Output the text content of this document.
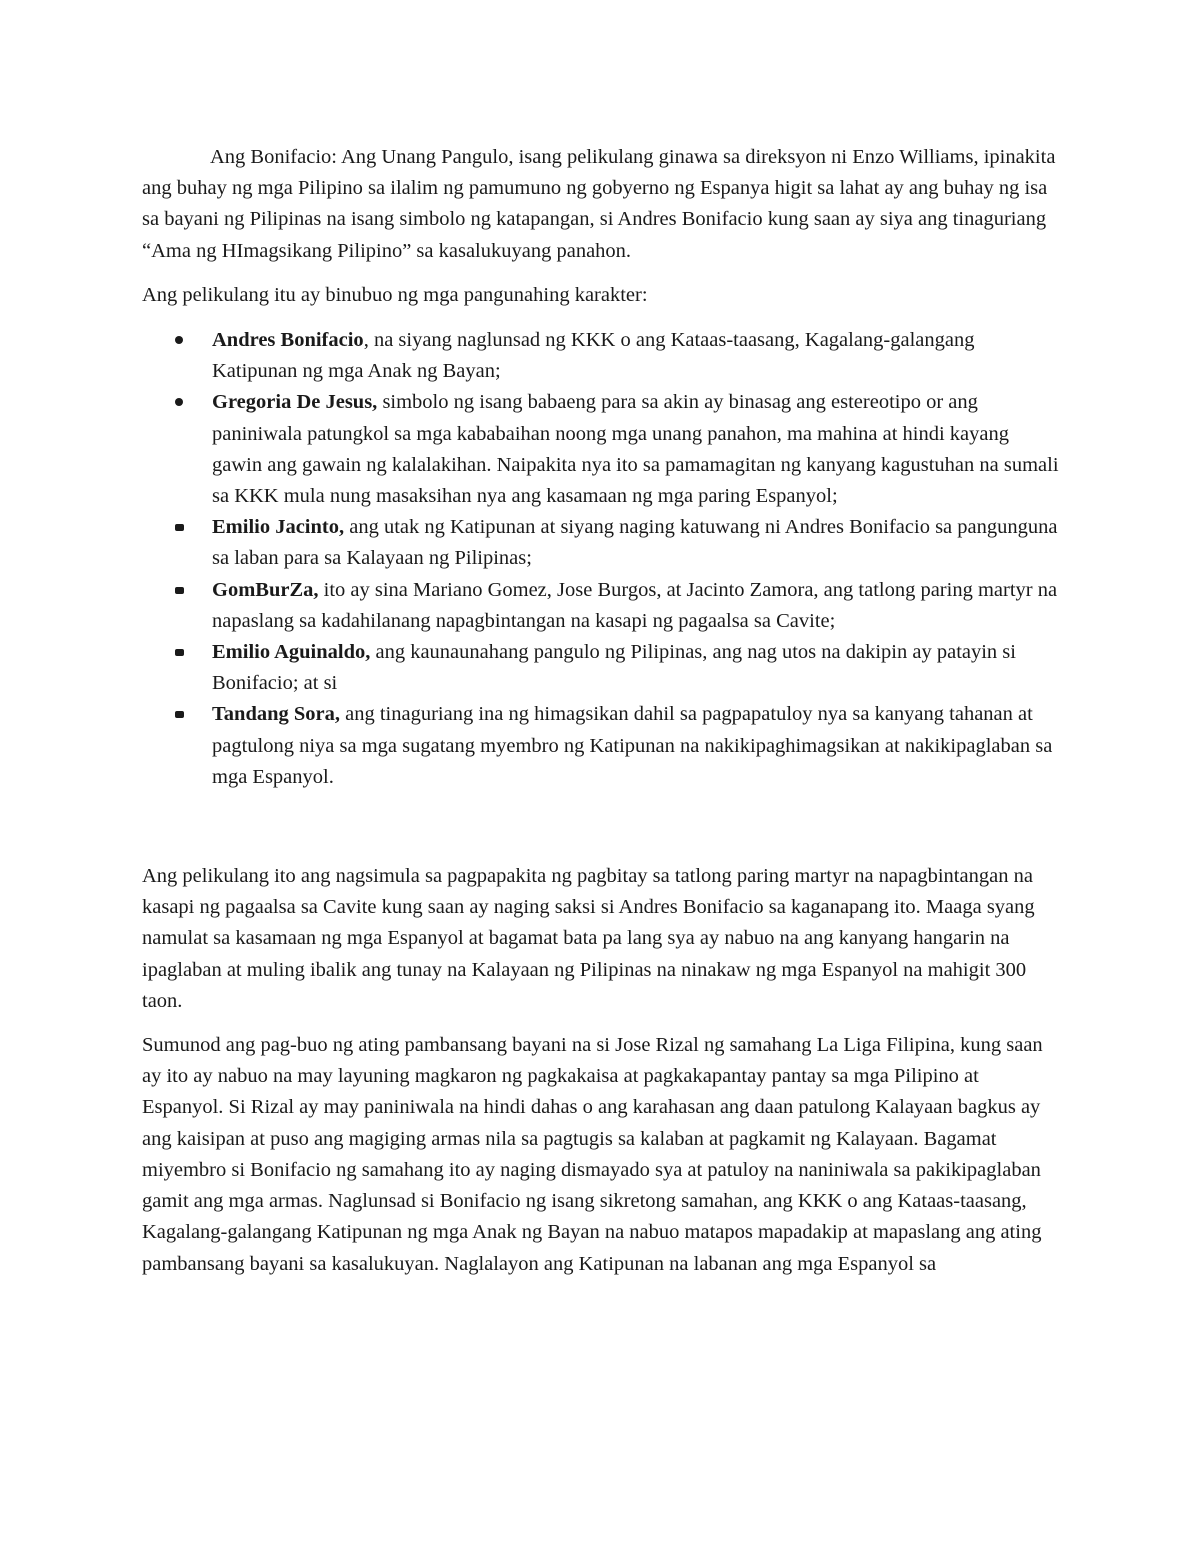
Ang Bonifacio: Ang Unang Pangulo, isang pelikulang ginawa sa direksyon ni Enzo Williams, ipinakita ang buhay ng mga Pilipino sa ilalim ng pamumuno ng gobyerno ng Espanya higit sa lahat ay ang buhay ng isa sa bayani ng Pilipinas na isang simbolo ng katapangan, si Andres Bonifacio kung saan ay siya ang tinaguriang “Ama ng HImagsikang Pilipino” sa kasalukuyang panahon.

Ang pelikulang itu ay binubuo ng mga pangunahing karakter:

Andres Bonifacio, na siyang naglunsad ng KKK o ang Kataas-taasang, Kagalang-galangang Katipunan ng mga Anak ng Bayan;
Gregoria De Jesus, simbolo ng isang babaeng para sa akin ay binasag ang estereotipo or ang paniniwala patungkol sa mga kababaihan noong mga unang panahon, ma mahina at hindi kayang gawin ang gawain ng kalalakihan. Naipakita nya ito sa pamamagitan ng kanyang kagustuhan na sumali sa KKK mula nung masaksihan nya ang kasamaan ng mga paring Espanyol;
Emilio Jacinto, ang utak ng Katipunan at siyang naging katuwang ni Andres Bonifacio sa pangunguna sa laban para sa Kalayaan ng Pilipinas;
GomBurZa, ito ay sina Mariano Gomez, Jose Burgos, at Jacinto Zamora, ang tatlong paring martyr na napaslang sa kadahilanang napagbintangan na kasapi ng pagaalsa sa Cavite;
Emilio Aguinaldo, ang kaunaunahang pangulo ng Pilipinas, ang nag utos na dakipin ay patayin si Bonifacio; at si
Tandang Sora, ang tinaguriang ina ng himagsikan dahil sa pagpapatuloy nya sa kanyang tahanan at pagtulong niya sa mga sugatang myembro ng Katipunan na nakikipaghimagsikan at nakikipaglaban sa mga Espanyol.

Ang pelikulang ito ang nagsimula sa pagpapakita ng pagbitay sa tatlong paring martyr na napagbintangan na kasapi ng pagaalsa sa Cavite kung saan ay naging saksi si Andres Bonifacio sa kaganapang ito. Maaga syang namulat sa kasamaan ng mga Espanyol at bagamat bata pa lang sya ay nabuo na ang kanyang hangarin na ipaglaban at muling ibalik ang tunay na Kalayaan ng Pilipinas na ninakaw ng mga Espanyol na mahigit 300 taon.

Sumunod ang pag-buo ng ating pambansang bayani na si Jose Rizal ng samahang La Liga Filipina, kung saan ay ito ay nabuo na may layuning magkaron ng pagkakaisa at pagkakapantay pantay sa mga Pilipino at Espanyol. Si Rizal ay may paniniwala na hindi dahas o ang karahasan ang daan patulong Kalayaan bagkus ay ang kaisipan at puso ang magiging armas nila sa pagtugis sa kalaban at pagkamit ng Kalayaan. Bagamat miyembro si Bonifacio ng samahang ito ay naging dismayado sya at patuloy na naniniwala sa pakikipaglaban gamit ang mga armas. Naglunsad si Bonifacio ng isang sikretong samahan, ang KKK o ang Kataas-taasang, Kagalang-galangang Katipunan ng mga Anak ng Bayan na nabuo matapos mapadakip at mapaslang ang ating pambansang bayani sa kasalukuyan. Naglalayon ang Katipunan na labanan ang mga Espanyol sa
